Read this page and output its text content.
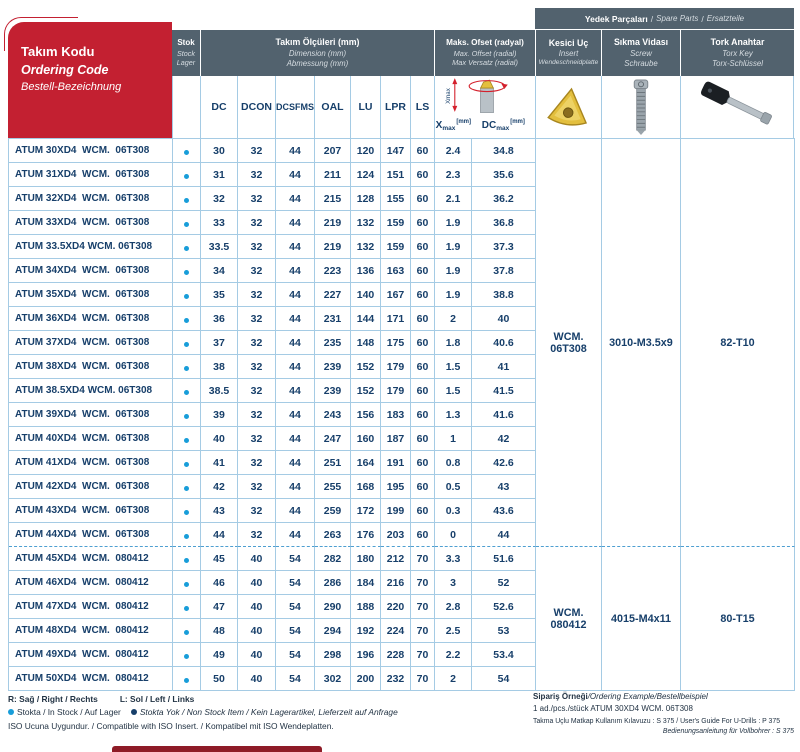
Yedek Parçaları / Spare Parts / Ersatzteile
Takım Kodu
Ordering Code
Bestell-Bezeichnung
Stok
Stock
Lager
Takım Ölçüleri (mm)
Dimension (mm)
Abmessung (mm)
Maks. Ofset (radyal)
Max. Offset (radial)
Max Versatz (radial)
Kesici Uç
Insert
Wendeschneidplatte
Sıkma Vidası
Screw
Schraube
Tork Anahtar
Torx Key
Torx-Schlüssel
DC	DCON DCSFMS OAL	LU	LPR LS
Xmax
$X_{max}[mm]$	$DC_{max}[mm]$
ATUM 30XD4  WCM.  06T308		30	32	44	207	120	147	60	2.4	34.8	WCM. 06T308	3010-M3.5x9	82-T10
ATUM 31XD4  WCM.  06T308		31	32	44	211	124	151	60	2.3	35.6			
ATUM 32XD4  WCM.  06T308		32	32	44	215	128	155	60	2.1	36.2			
ATUM 33XD4  WCM.  06T308		33	32	44	219	132	159	60	1.9	36.8			
ATUM 33.5XD4 WCM. 06T308		33.5	32	44	219	132	159	60	1.9	37.3			
ATUM 34XD4  WCM.  06T308		34	32	44	223	136	163	60	1.9	37.8			
ATUM 35XD4  WCM.  06T308		35	32	44	227	140	167	60	1.9	38.8			
ATUM 36XD4  WCM.  06T308		36	32	44	231	144	171	60	2	40			
ATUM 37XD4  WCM.  06T308		37	32	44	235	148	175	60	1.8	40.6			
ATUM 38XD4  WCM.  06T308		38	32	44	239	152	179	60	1.5	41			
ATUM 38.5XD4 WCM. 06T308		38.5	32	44	239	152	179	60	1.5	41.5			
ATUM 39XD4  WCM.  06T308		39	32	44	243	156	183	60	1.3	41.6			
ATUM 40XD4  WCM.  06T308		40	32	44	247	160	187	60	1	42			
ATUM 41XD4  WCM.  06T308		41	32	44	251	164	191	60	0.8	42.6			
ATUM 42XD4  WCM.  06T308		42	32	44	255	168	195	60	0.5	43			
ATUM 43XD4  WCM.  06T308		43	32	44	259	172	199	60	0.3	43.6			
ATUM 44XD4  WCM.  06T308		44	32	44	263	176	203	60	0	44			
ATUM 45XD4  WCM.  080412		45	40	54	282	180	212	70	3.3	51.6	WCM. 080412	4015-M4x11	80-T15
ATUM 46XD4  WCM.  080412		46	40	54	286	184	216	70	3	52			
ATUM 47XD4  WCM.  080412		47	40	54	290	188	220	70	2.8	52.6			
ATUM 48XD4  WCM.  080412		48	40	54	294	192	224	70	2.5	53			
ATUM 49XD4  WCM.  080412		49	40	54	298	196	228	70	2.2	53.4			
ATUM 50XD4  WCM.  080412		50	40	54	302	200	232	70	2	54			
R: Sağ / Right / Rechts	L: Sol / Left / Links
Stokta / In Stock / Auf Lager Stokta Yok / Non Stock Item / Kein Lagerartikel, Lieferzeit auf Anfrage
ISO Ucuna Uygundur. / Compatible with ISO Insert. / Kompatibel mit ISO Wendeplatten.
Sipariş Örneği/Ordering Example/Bestellbeispiel
1 ad./pcs./stück ATUM 30XD4 WCM. 06T308
Takma Uçlu Matkap Kullanım Kılavuzu : S 375 / User's Guide For U-Drills : P 375
Bedienungsanleitung für Vollbohrer : S 375
